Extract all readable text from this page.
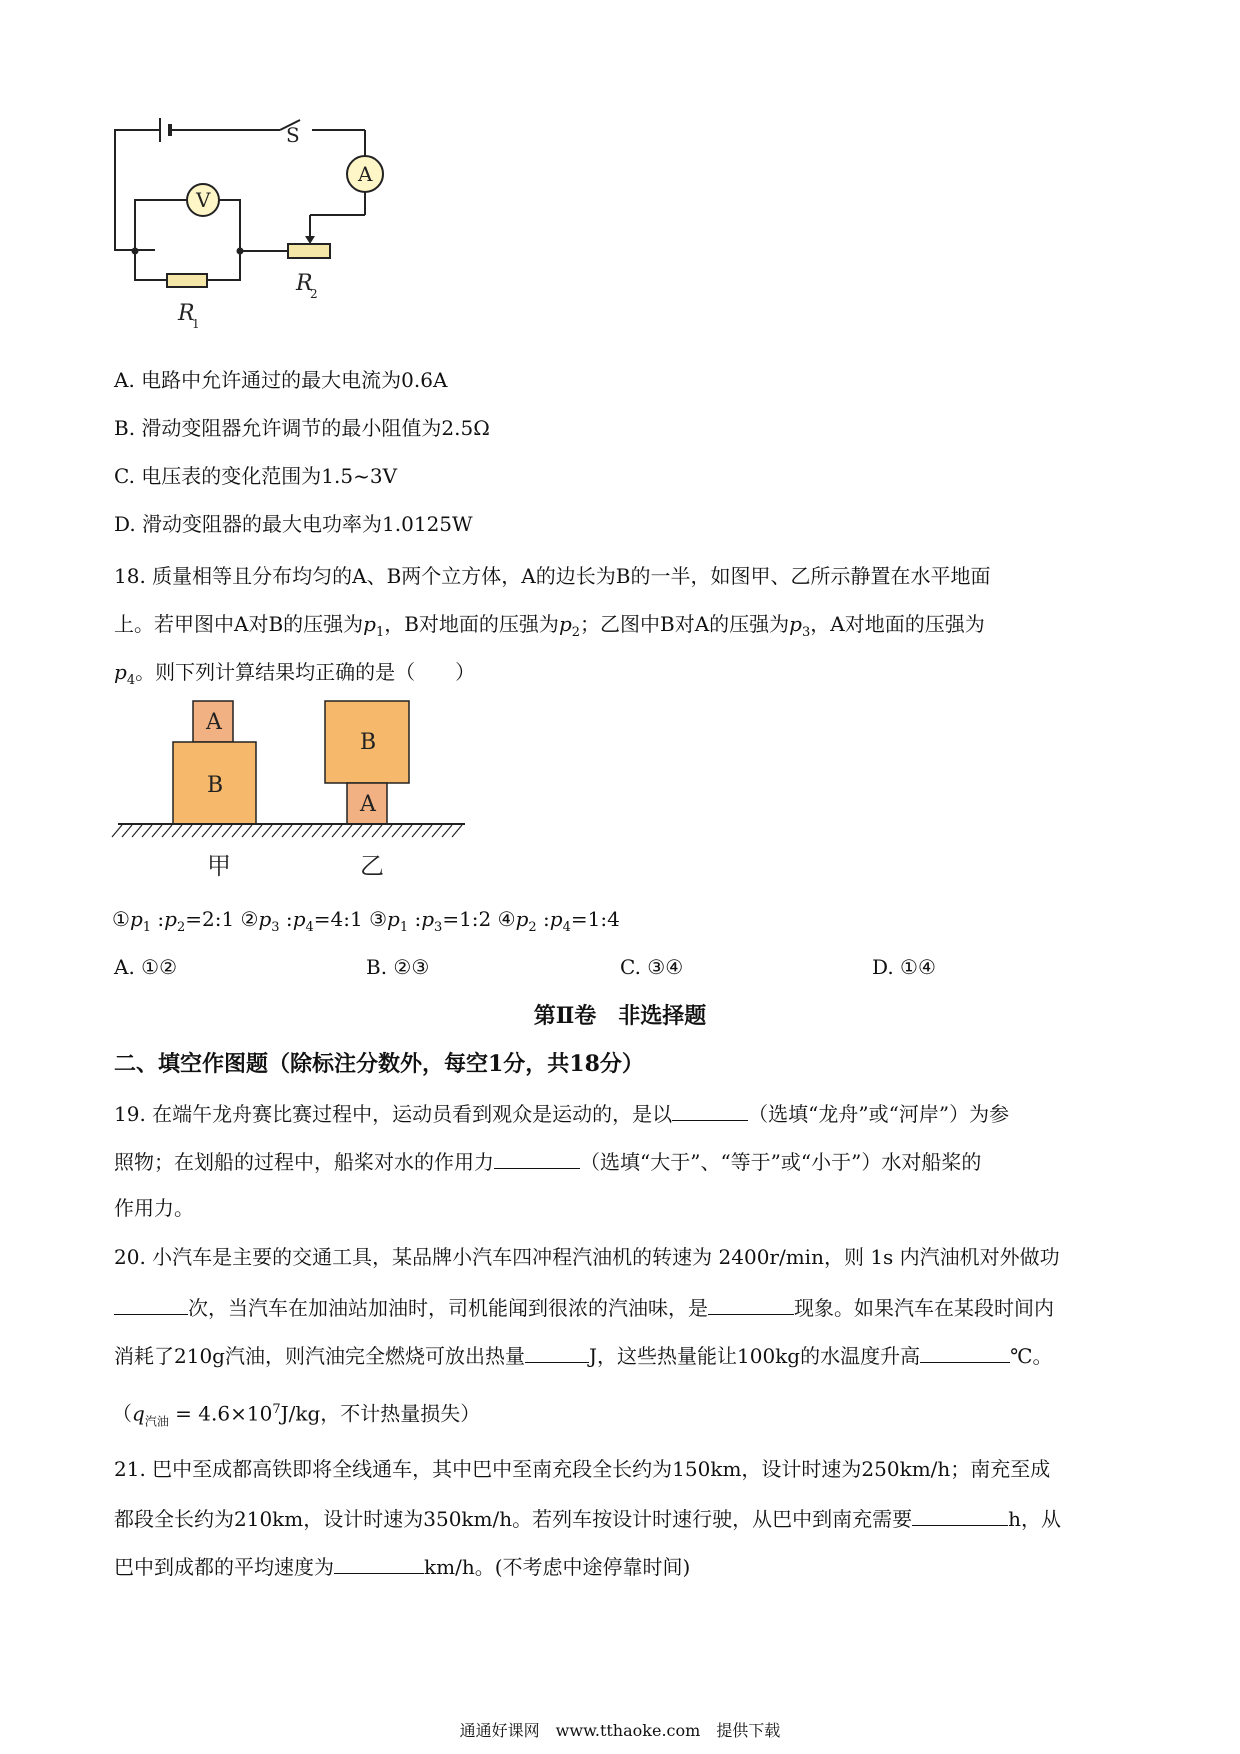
S
A
V
R
1
R
2
A. 电路中允许通过的最大电流为0.6A
B. 滑动变阻器允许调节的最小阻值为2.5Ω
C. 电压表的变化范围为1.5~3V
D. 滑动变阻器的最大电功率为1.0125W
18. 质量相等且分布均匀的A、B两个立方体，A的边长为B的一半，如图甲、乙所示静置在水平地面
上。若甲图中A对B的压强为$p_1$，B对地面的压强为$p_2$；乙图中B对A的压强为$p_3$，A对地面的压强为
$p_4$。则下列计算结果均正确的是（　　）
A
B
B
A
甲	乙
$①p_1$ $:p_2=2:1$ $②p_3$ $:p_4=4:1$ $③p_1$ $:p_3=1:2$ $④p_2$ $:p_4=1:4$
A. ①②	B. ②③	C. ③④	D. ①④
第Ⅱ卷　非选择题
二、填空作图题（除标注分数外，每空1分，共18分）
19. 在端午龙舟赛比赛过程中，运动员看到观众是运动的，是以	（选填“龙舟”或“河岸”）为参
照物；在划船的过程中，船桨对水的作用力	（选填“大于”、“等于”或“小于”）水对船桨的
作用力。
20. 小汽车是主要的交通工具，某品牌小汽车四冲程汽油机的转速为 2400r/min，则 1s 内汽油机对外做功
次，当汽车在加油站加油时，司机能闻到很浓的汽油味，是	现象。如果汽车在某段时间内
消耗了210g汽油，则汽油完全燃烧可放出热量	J，这些热量能让100kg的水温度升高	℃。
（$q_{汽油} = 4.6\times 10^7J/kg$，不计热量损失）
21. 巴中至成都高铁即将全线通车，其中巴中至南充段全长约为150km，设计时速为250km/h；南充至成
都段全长约为210km，设计时速为350km/h。若列车按设计时速行驶，从巴中到南充需要	h，从
巴中到成都的平均速度为	km/h。(不考虑中途停靠时间)
通通好课网　www.tthaoke.com　提供下载
